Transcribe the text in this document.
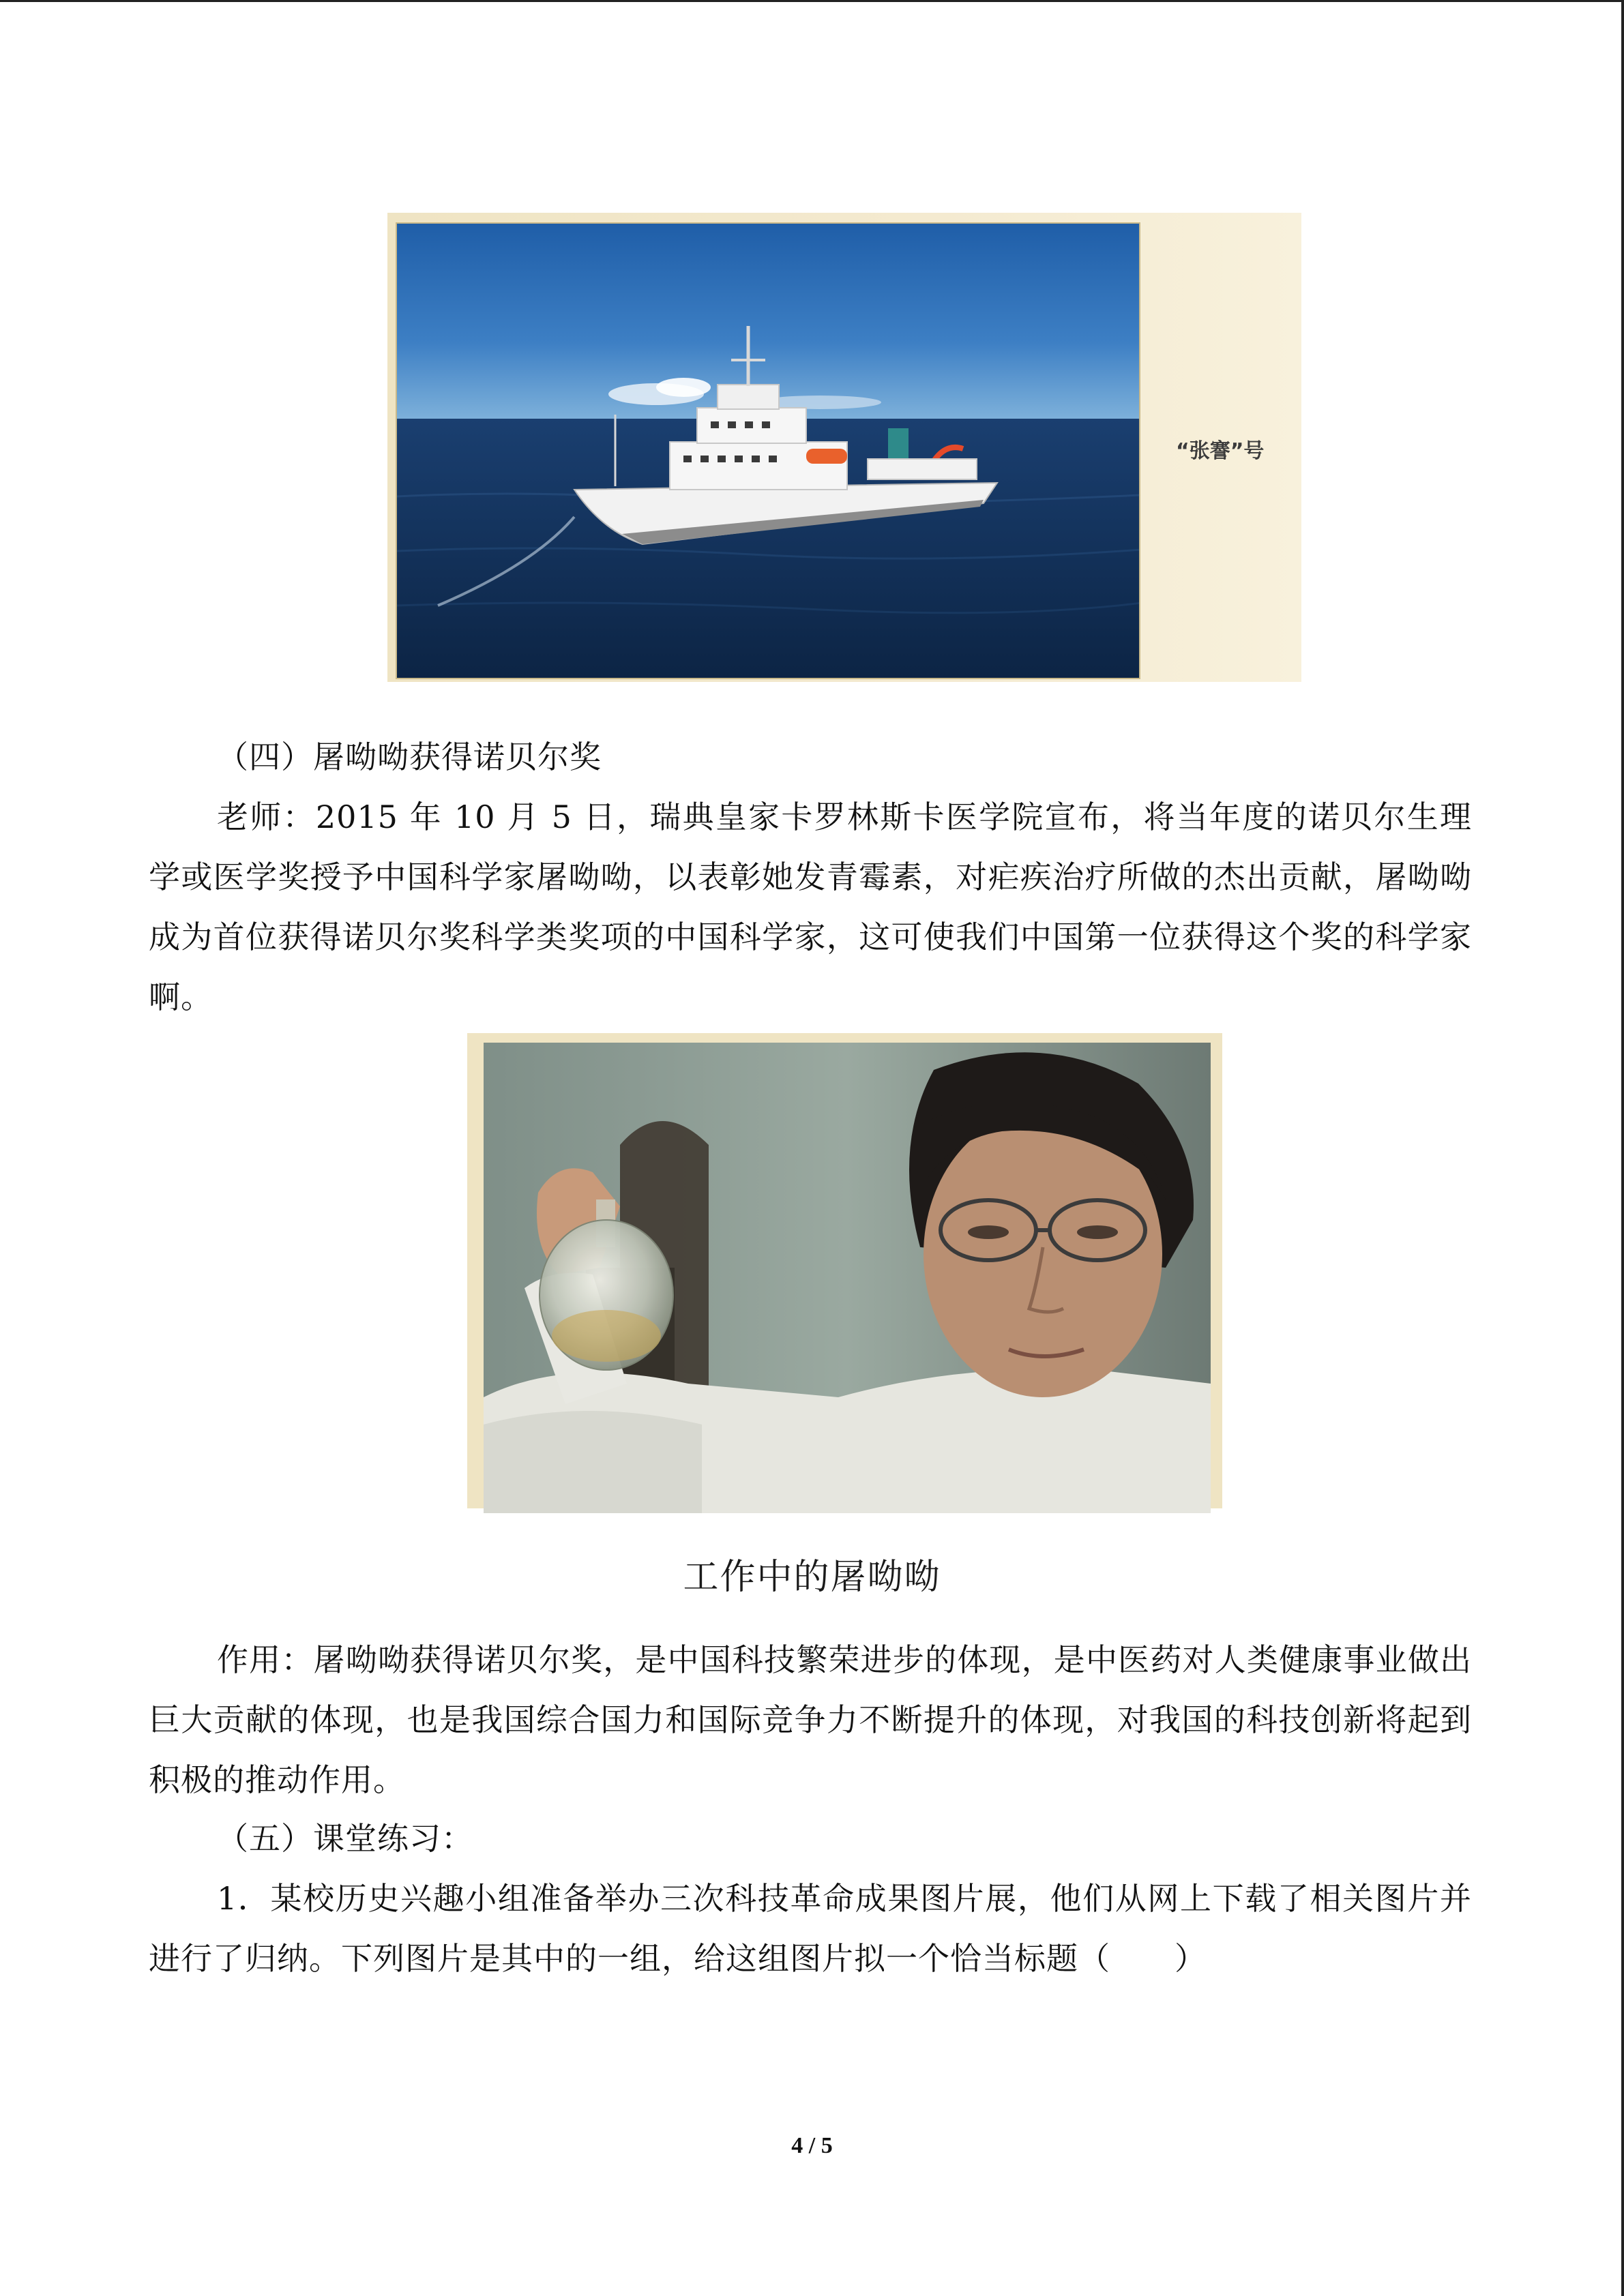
“张謇”号
（四）屠呦呦获得诺贝尔奖
老师：2015 年 10 月 5 日，瑞典皇家卡罗林斯卡医学院宣布，将当年度的诺贝尔生理学或医学奖授予中国科学家屠呦呦，以表彰她发青霉素，对疟疾治疗所做的杰出贡献，屠呦呦成为首位获得诺贝尔奖科学类奖项的中国科学家，这可使我们中国第一位获得这个奖的科学家啊。
工作中的屠呦呦
作用：屠呦呦获得诺贝尔奖，是中国科技繁荣进步的体现，是中医药对人类健康事业做出巨大贡献的体现，也是我国综合国力和国际竞争力不断提升的体现，对我国的科技创新将起到积极的推动作用。
（五）课堂练习：
1．某校历史兴趣小组准备举办三次科技革命成果图片展，他们从网上下载了相关图片并进行了归纳。下列图片是其中的一组，给这组图片拟一个恰当标题（　　）
4 / 5
